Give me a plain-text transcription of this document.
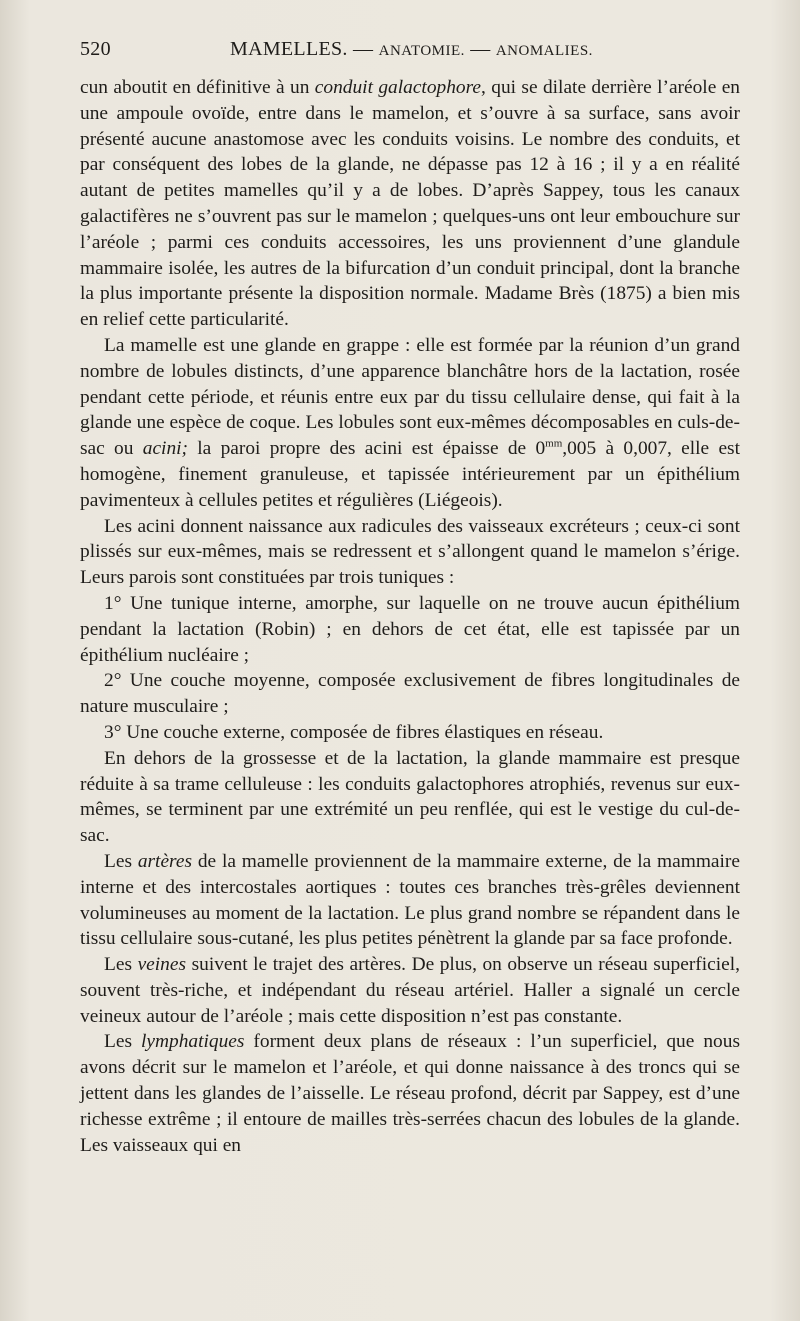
520	MAMELLES. — ANATOMIE. — ANOMALIES.

cun aboutit en définitive à un conduit galactophore, qui se dilate derrière l’aréole en une ampoule ovoïde, entre dans le mamelon, et s’ouvre à sa surface, sans avoir présenté aucune anastomose avec les conduits voisins. Le nombre des conduits, et par conséquent des lobes de la glande, ne dépasse pas 12 à 16 ; il y a en réalité autant de petites mamelles qu’il y a de lobes. D’après Sappey, tous les canaux galactifères ne s’ouvrent pas sur le mamelon ; quelques-uns ont leur embouchure sur l’aréole ; parmi ces conduits accessoires, les uns proviennent d’une glandule mammaire isolée, les autres de la bifurcation d’un conduit principal, dont la branche la plus importante présente la disposition normale. Madame Brès (1875) a bien mis en relief cette particularité.

La mamelle est une glande en grappe : elle est formée par la réunion d’un grand nombre de lobules distincts, d’une apparence blanchâtre hors de la lactation, rosée pendant cette période, et réunis entre eux par du tissu cellulaire dense, qui fait à la glande une espèce de coque. Les lobules sont eux-mêmes décomposables en culs-de-sac ou acini; la paroi propre des acini est épaisse de $0^{mm},005$ à 0,007, elle est homogène, finement granuleuse, et tapissée intérieurement par un épithélium pavimenteux à cellules petites et régulières (Liégeois).

Les acini donnent naissance aux radicules des vaisseaux excréteurs ; ceux-ci sont plissés sur eux-mêmes, mais se redressent et s’allongent quand le mamelon s’érige. Leurs parois sont constituées par trois tuniques :

1° Une tunique interne, amorphe, sur laquelle on ne trouve aucun épithélium pendant la lactation (Robin) ; en dehors de cet état, elle est tapissée par un épithélium nucléaire ;

2° Une couche moyenne, composée exclusivement de fibres longitudinales de nature musculaire ;

3° Une couche externe, composée de fibres élastiques en réseau.

En dehors de la grossesse et de la lactation, la glande mammaire est presque réduite à sa trame celluleuse : les conduits galactophores atrophiés, revenus sur eux-mêmes, se terminent par une extrémité un peu renflée, qui est le vestige du cul-de-sac.

Les artères de la mamelle proviennent de la mammaire externe, de la mammaire interne et des intercostales aortiques : toutes ces branches très-grêles deviennent volumineuses au moment de la lactation. Le plus grand nombre se répandent dans le tissu cellulaire sous-cutané, les plus petites pénètrent la glande par sa face profonde.

Les veines suivent le trajet des artères. De plus, on observe un réseau superficiel, souvent très-riche, et indépendant du réseau artériel. Haller a signalé un cercle veineux autour de l’aréole ; mais cette disposition n’est pas constante.

Les lymphatiques forment deux plans de réseaux : l’un superficiel, que nous avons décrit sur le mamelon et l’aréole, et qui donne naissance à des troncs qui se jettent dans les glandes de l’aisselle. Le réseau profond, décrit par Sappey, est d’une richesse extrême ; il entoure de mailles très-serrées chacun des lobules de la glande. Les vaisseaux qui en
